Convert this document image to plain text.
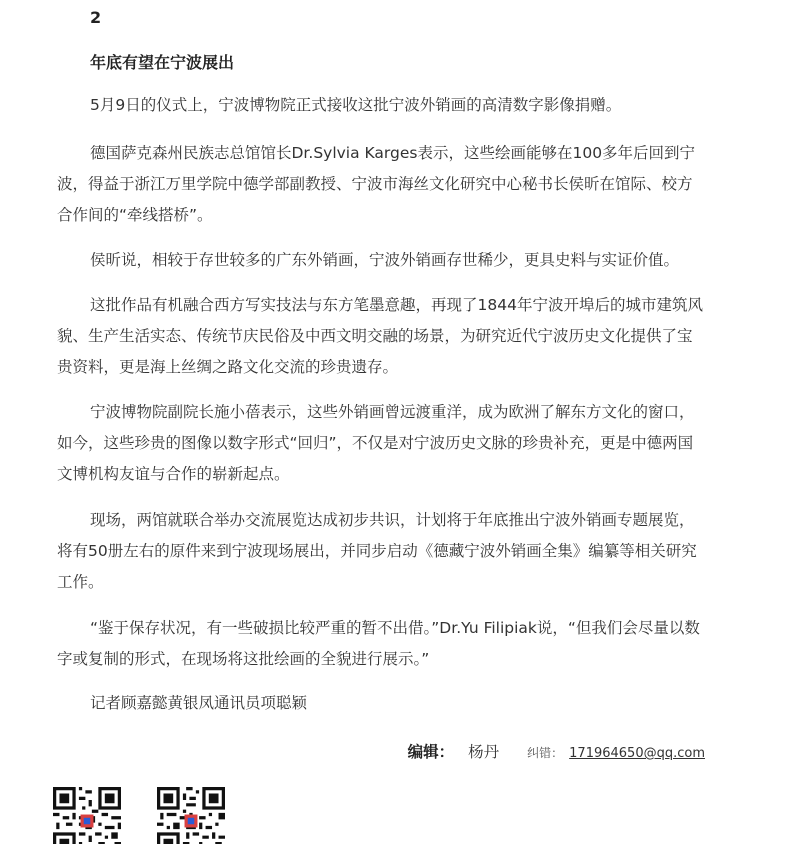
2
年底有望在宁波展出

5月9日的仪式上，宁波博物院正式接收这批宁波外销画的高清数字影像捐赠。

德国萨克森州民族志总馆馆长Dr.Sylvia Karges表示，这些绘画能够在100多年后回到宁波，得益于浙江万里学院中德学部副教授、宁波市海丝文化研究中心秘书长侯昕在馆际、校方合作间的“牵线搭桥”。

侯昕说，相较于存世较多的广东外销画，宁波外销画存世稀少，更具史料与实证价值。

这批作品有机融合西方写实技法与东方笔墨意趣，再现了1844年宁波开埠后的城市建筑风貌、生产生活实态、传统节庆民俗及中西文明交融的场景，为研究近代宁波历史文化提供了宝贵资料，更是海上丝绸之路文化交流的珍贵遗存。

宁波博物院副院长施小蓓表示，这些外销画曾远渡重洋，成为欧洲了解东方文化的窗口，如今，这些珍贵的图像以数字形式“回归”，不仅是对宁波历史文脉的珍贵补充，更是中德两国文博机构友谊与合作的崭新起点。

现场，两馆就联合举办交流展览达成初步共识，计划将于年底推出宁波外销画专题展览，将有50册左右的原件来到宁波现场展出，并同步启动《德藏宁波外销画全集》编纂等相关研究工作。

“鉴于保存状况，有一些破损比较严重的暂不出借。”Dr.Yu Filipiak说，“但我们会尽量以数字或复制的形式，在现场将这批绘画的全貌进行展示。”

记者顾嘉懿黄银凤通讯员项聪颖
编辑： 杨丹 纠错： 171964650@qq.com
